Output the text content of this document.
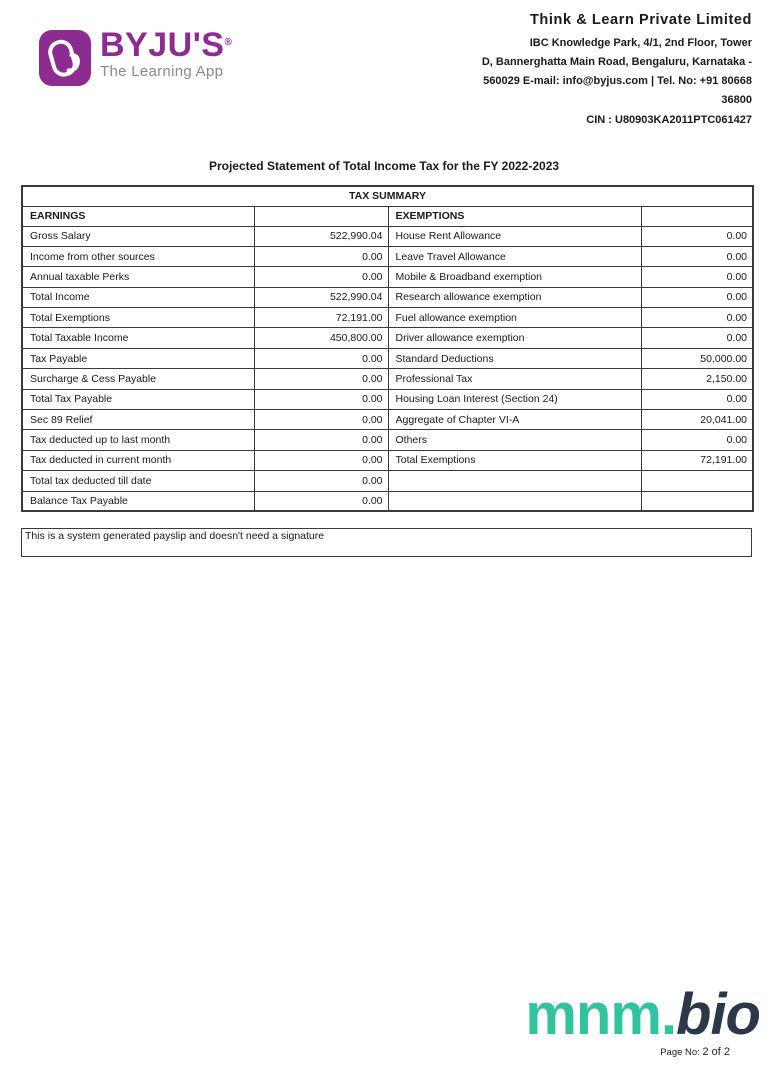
BYJU'S®
The Learning App
Think & Learn Private Limited
IBC Knowledge Park, 4/1, 2nd Floor, Tower
D, Bannerghatta Main Road, Bengaluru, Karnataka -
560029 E-mail: info@byjus.com | Tel. No: +91 80668
36800
CIN : U80903KA2011PTC061427
Projected Statement of Total Income Tax for the FY 2022-2023
TAX SUMMARY			
EARNINGS		EXEMPTIONS	
Gross Salary	522,990.04	House Rent Allowance	0.00
Income from other sources	0.00	Leave Travel Allowance	0.00
Annual taxable Perks	0.00	Mobile & Broadband exemption	0.00
Total Income	522,990.04	Research allowance exemption	0.00
Total Exemptions	72,191.00	Fuel allowance exemption	0.00
Total Taxable Income	450,800.00	Driver allowance exemption	0.00
Tax Payable	0.00	Standard Deductions	50,000.00
Surcharge & Cess Payable	0.00	Professional Tax	2,150.00
Total Tax Payable	0.00	Housing Loan Interest (Section 24)	0.00
Sec 89 Relief	0.00	Aggregate of Chapter VI-A	20,041.00
Tax deducted up to last month	0.00	Others	0.00
Tax deducted in current month	0.00	Total Exemptions	72,191.00
Total tax deducted till date	0.00		
Balance Tax Payable	0.00		
This is a system generated payslip and doesn't need a signature
mnm.bio
Page No: 2 of 2
